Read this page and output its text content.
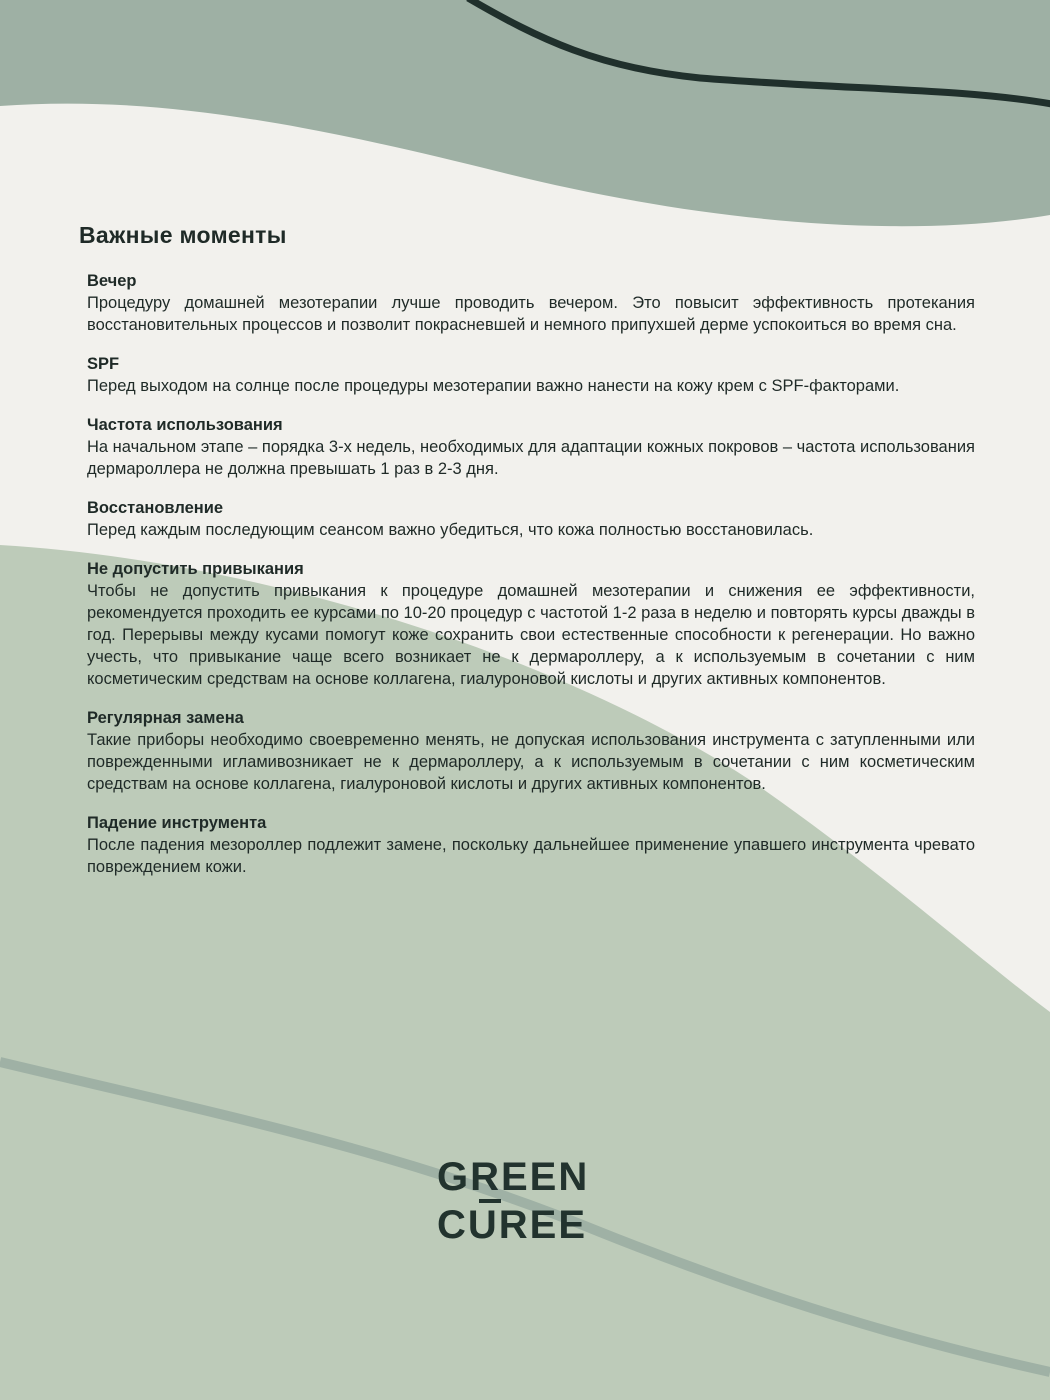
Важные моменты
Вечер

Процедуру домашней мезотерапии лучше проводить вечером. Это повысит эффективность протекания восстановительных процессов и позволит покрасневшей и немного припухшей дерме успокоиться во время сна.

SPF

Перед выходом на солнце после процедуры мезотерапии важно нанести на кожу крем с SPF-факторами.

Частота использования

На начальном этапе – порядка 3-х недель, необходимых для адаптации кожных покровов – частота использования дермароллера не должна превышать 1 раз в 2-3 дня.

Восстановление

Перед каждым последующим сеансом важно убедиться, что кожа полностью восстановилась.

Не допустить привыкания

Чтобы не допустить привыкания к процедуре домашней мезотерапии и снижения ее эффективности, рекомендуется проходить ее курсами по 10-20 процедур с частотой 1-2 раза в неделю и повторять курсы дважды в год. Перерывы между кусами помогут коже сохранить свои естественные способности к регенерации. Но важно учесть, что привыкание чаще всего возникает не к дермароллеру, а к используемым в сочетании с ним косметическим средствам на основе коллагена, гиалуроновой кислоты и других активных компонентов.

Регулярная замена

Такие приборы необходимо своевременно менять, не допуская использования инструмента с затупленными или поврежденными игламивозникает не к дермароллеру, а к используемым в сочетании с ним косметическим средствам на основе коллагена, гиалуроновой кислоты и других активных компонентов.

Падение инструмента

После падения мезороллер подлежит замене, поскольку дальнейшее применение упавшего инструмента чревато повреждением кожи.

GREEN
CUREE
